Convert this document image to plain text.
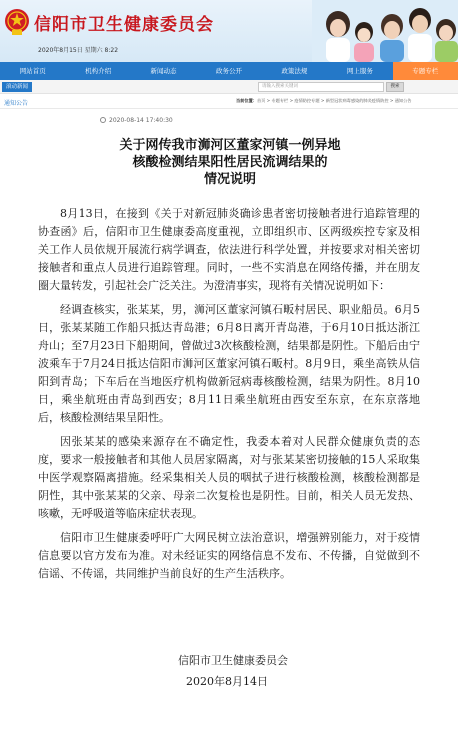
信阳市卫生健康委员会
2020年8月15日 星期六 8:22
网站首页	机构介绍	新闻动态	政务公开	政策法规	网上服务	专题专栏
滚动新闻	请输入搜索关键词	搜索
通知公告	当前位置：首页 > 专题专栏 > 疫情防控专题 > 新型冠状病毒感染的肺炎疫情防控 > 通知公告
2020-08-14 17:40:30
关于网传我市浉河区董家河镇一例异地
核酸检测结果阳性居民流调结果的
情况说明

8月13日，在接到《关于对新冠肺炎确诊患者密切接触者进行追踪管理的协查函》后，信阳市卫生健康委高度重视，立即组织市、区两级疾控专家及相关工作人员依规开展流行病学调查，依法进行科学处置，并按要求对相关密切接触者和重点人员进行追踪管理。同时，一些不实消息在网络传播，并在朋友圈大量转发，引起社会广泛关注。为澄清事实，现将有关情况说明如下：

经调查核实，张某某，男，浉河区董家河镇石畈村居民、职业船员。6月5日，张某某随工作船只抵达青岛港；6月8日离开青岛港，于6月10日抵达浙江舟山；至7月23日下船期间，曾做过3次核酸检测，结果都是阴性。下船后由宁波乘车于7月24日抵达信阳市浉河区董家河镇石畈村。8月9日，乘坐高铁从信阳到青岛；下车后在当地医疗机构做新冠病毒核酸检测，结果为阴性。8月10日，乘坐航班由青岛到西安；8月11日乘坐航班由西安至东京，在东京落地后，核酸检测结果呈阳性。

因张某某的感染来源存在不确定性，我委本着对人民群众健康负责的态度，要求一般接触者和其他人员居家隔离，对与张某某密切接触的15人采取集中医学观察隔离措施。经采集相关人员的咽拭子进行核酸检测，核酸检测都是阴性，其中张某某的父亲、母亲二次复检也是阴性。目前，相关人员无发热、咳嗽，无呼吸道等临床症状表现。

信阳市卫生健康委呼吁广大网民树立法治意识，增强辨别能力，对于疫情信息要以官方发布为准。对未经证实的网络信息不发布、不传播，自觉做到不信谣、不传谣，共同维护当前良好的生产生活秩序。

信阳市卫生健康委员会
2020年8月14日
